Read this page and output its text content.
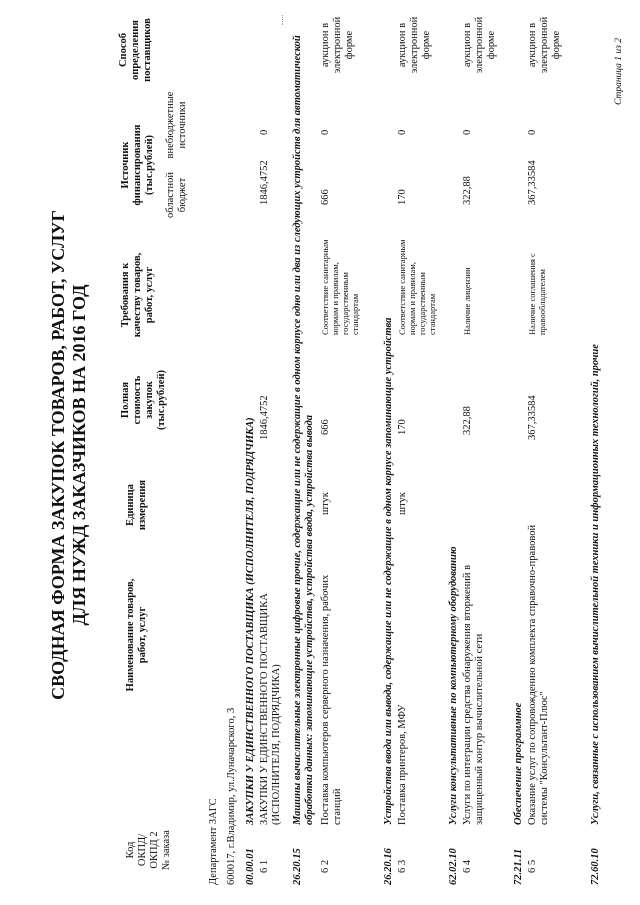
СВОДНАЯ ФОРМА ЗАКУПОК ТОВАРОВ, РАБОТ, УСЛУГ ДЛЯ НУЖД ЗАКАЗЧИКОВ НА 2016 ГОД
Код ОКПД/ ОКПД 2 № заказа
Наименование товаров, работ, услуг
Единица измерения
Полная стоимость закупок (тыс.рублей)
Требования к качеству товаров, работ, услуг
Источник финансирования (тыс.рублей) областной бюджет
внебюджетные источники
Способ определения поставщиков
Департамент ЗАГС 600017, г.Владимир, ул.Луначарского, 3 00.00.01
ЗАКУПКИ У ЕДИНСТВЕННОГО ПОСТАВЩИКА (ИСПОЛНИТЕЛЯ, ПОДРЯДЧИКА)
6 1
ЗАКУПКИ У ЕДИНСТВЕННОГО ПОСТАВЩИКА (ИСПОЛНИТЕЛЯ, ПОДРЯДЧИКА)
1846,4752
1846,4752
0
26.20.15
Машины вычислительные электронные цифровые прочие, содержащие или не содержащие в одном корпусе одно или два из следующих устройств для автоматической обработки данных: запоминающие устройства, устройства ввода, устройства вывода
6 2
Поставка компьютеров серверного назначения, рабочих станций
штук
666
Соответствие санитарным нормам и правилам, государственным стандартам
666
0
аукцион в электронной форме
26.20.16
Устройства ввода или вывода, содержащие или не содержащие в одном корпусе запоминающие устройства
6 3
Поставка принтеров, МФУ
штук
170
Соответствие санитарным нормам и правилам, государственным стандартам
170
0
аукцион в электронной форме
62.02.10
Услуги консультативные по компьютерному оборудованию
6 4
Услуги по интеграции средства обнаружения вторжений в защищенный контур вычислительной сети
322,88
Наличие лицензии
322,88
0
аукцион в электронной форме
72.21.11
Обеспечение программное
6 5
Оказание услуг по сопровождению комплекта справочно-правовой системы "Консультант-Плюс"
367,33584
Наличие соглашения с правообладателем
367,33584
0
аукцион в электронной форме
72.60.10
Услуги, связанные с использованием вычислительной техники и информационных технологий, прочие
Страница 1 из 2
